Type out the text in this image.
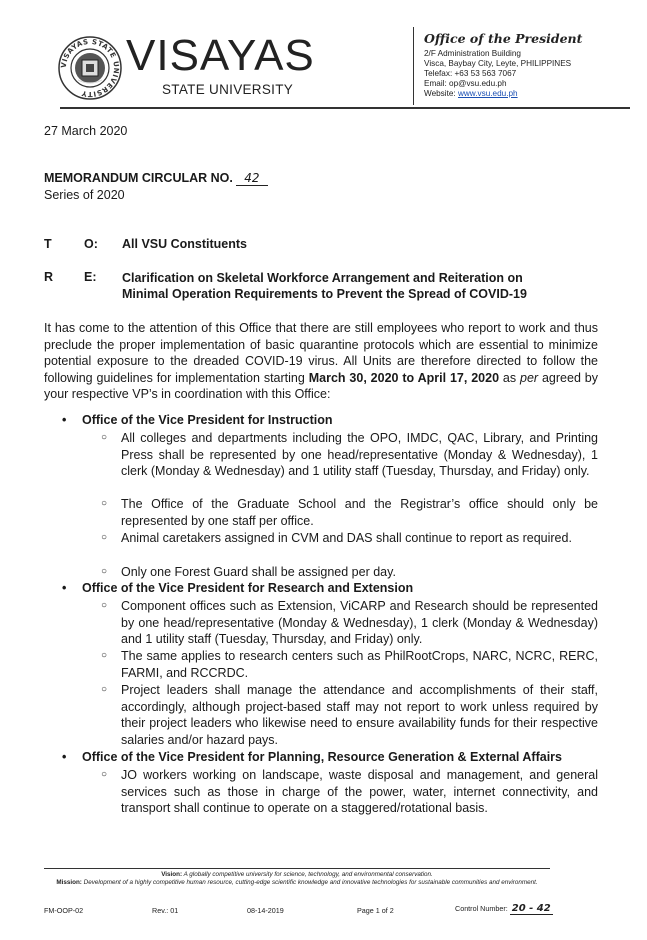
VISAYAS STATE UNIVERSITY
VISAYAS
STATE UNIVERSITY
Office of the President
2/F Administration Building
Visca, Baybay City, Leyte, PHILIPPINES
Telefax: +63 53 563 7067
Email: op@vsu.edu.ph
Website: www.vsu.edu.ph
27 March 2020
MEMORANDUM CIRCULAR NO. 42
Series of 2020
T	O: All VSU Constituents
R E: Clarification on Skeletal Workforce Arrangement and Reiteration on
Minimal Operation Requirements to Prevent the Spread of COVID-19
It has come to the attention of this Office that there are still employees who report to work and thus preclude the proper implementation of basic quarantine protocols which are essential to minimize potential exposure to the dreaded COVID-19 virus. All Units are therefore directed to follow the following guidelines for implementation starting March 30, 2020 to April 17, 2020 as per agreed by your respective VP’s in coordination with this Office:
• Office of the Vice President for Instruction
○ All colleges and departments including the OPO, IMDC, QAC, Library, and Printing Press shall be represented by one head/representative (Monday & Wednesday), 1 clerk (Monday & Wednesday) and 1 utility staff (Tuesday, Thursday, and Friday) only.
○ The Office of the Graduate School and the Registrar’s office should only be represented by one staff per office.
○ Animal caretakers assigned in CVM and DAS shall continue to report as required.
○ Only one Forest Guard shall be assigned per day.
• Office of the Vice President for Research and Extension
○ Component offices such as Extension, ViCARP and Research should be represented by one head/representative (Monday & Wednesday), 1 clerk (Monday & Wednesday) and 1 utility staff (Tuesday, Thursday, and Friday) only.
○ The same applies to research centers such as PhilRootCrops, NARC, NCRC, RERC, FARMI, and RCCRDC.
○ Project leaders shall manage the attendance and accomplishments of their staff, accordingly, although project-based staff may not report to work unless required by their project leaders who likewise need to ensure availability funds for their respective salaries and/or hazard pays.
• Office of the Vice President for Planning, Resource Generation & External Affairs
○ JO workers working on landscape, waste disposal and management, and general services such as those in charge of the power, water, internet connectivity, and transport shall continue to operate on a staggered/rotational basis.
Vision: A globally competitive university for science, technology, and environmental conservation.
Mission: Development of a highly competitive human resource, cutting-edge scientific knowledge and innovative technologies for sustainable communities and environment.
FM-OOP-02	Rev.: 01	08-14-2019	Page 1 of 2	Control Number: 20 - 42
